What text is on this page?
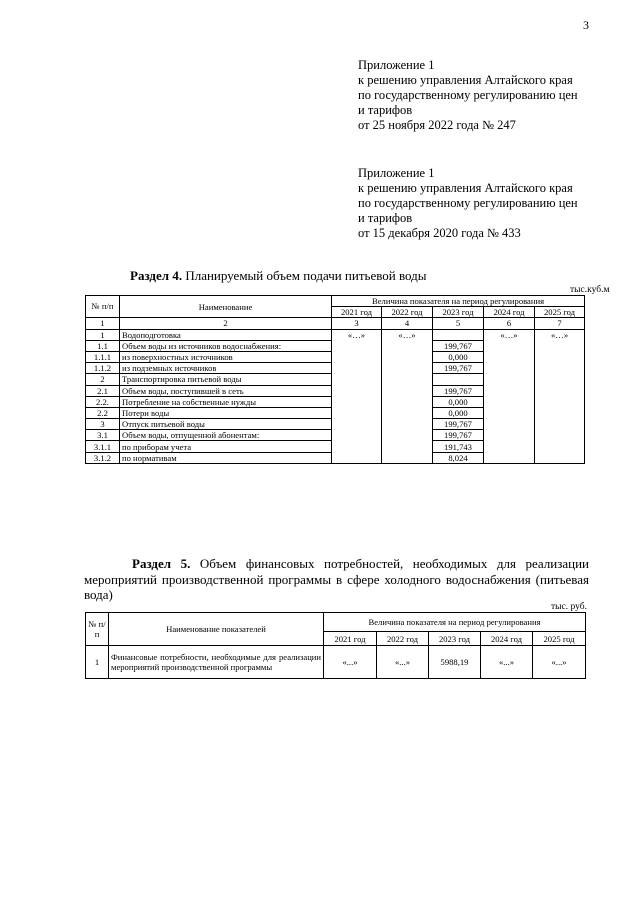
3
Приложение 1
к решению управления Алтайского края
по государственному регулированию цен
и тарифов
от 25 ноября 2022 года № 247
Приложение 1
к решению управления Алтайского края
по государственному регулированию цен
и тарифов
от 15 декабря 2020 года № 433
Раздел 4. Планируемый объем подачи питьевой воды
тыс.куб.м
№ п/п	Наименование	Величина показателя на период регулирования				
		2021 год	2022 год	2023 год	2024 год	2025 год
1	2	3	4	5	6	7
1	Водоподготовка	«…»	«…»		«…»	«…»
1.1	Объем воды из источников водоснабжения:			199,767		
1.1.1	из поверхностных источников			0,000		
1.1.2	из подземных источников			199,767		
2	Транспортировка питьевой воды					
2.1	Объем воды, поступившей в сеть			199,767		
2.2.	Потребление на собственные нужды			0,000		
2.2	Потери воды			0,000		
3	Отпуск питьевой воды			199,767		
3.1	Объем воды, отпущенной абонентам:			199,767		
3.1.1	по приборам учета			191,743		
3.1.2	по нормативам			8,024		
Раздел 5. Объем финансовых потребностей, необходимых для реализации мероприятий производственной программы в сфере холодного водоснабжения (питьевая вода)
тыс. руб.
№ п/п	Наименование показателей	Величина показателя на период регулирования				
		2021 год	2022 год	2023 год	2024 год	2025 год
1	Финансовые потребности, необходимые для реализации мероприятий производственной программы	«...»	«...»	5988,19	«...»	«...»
